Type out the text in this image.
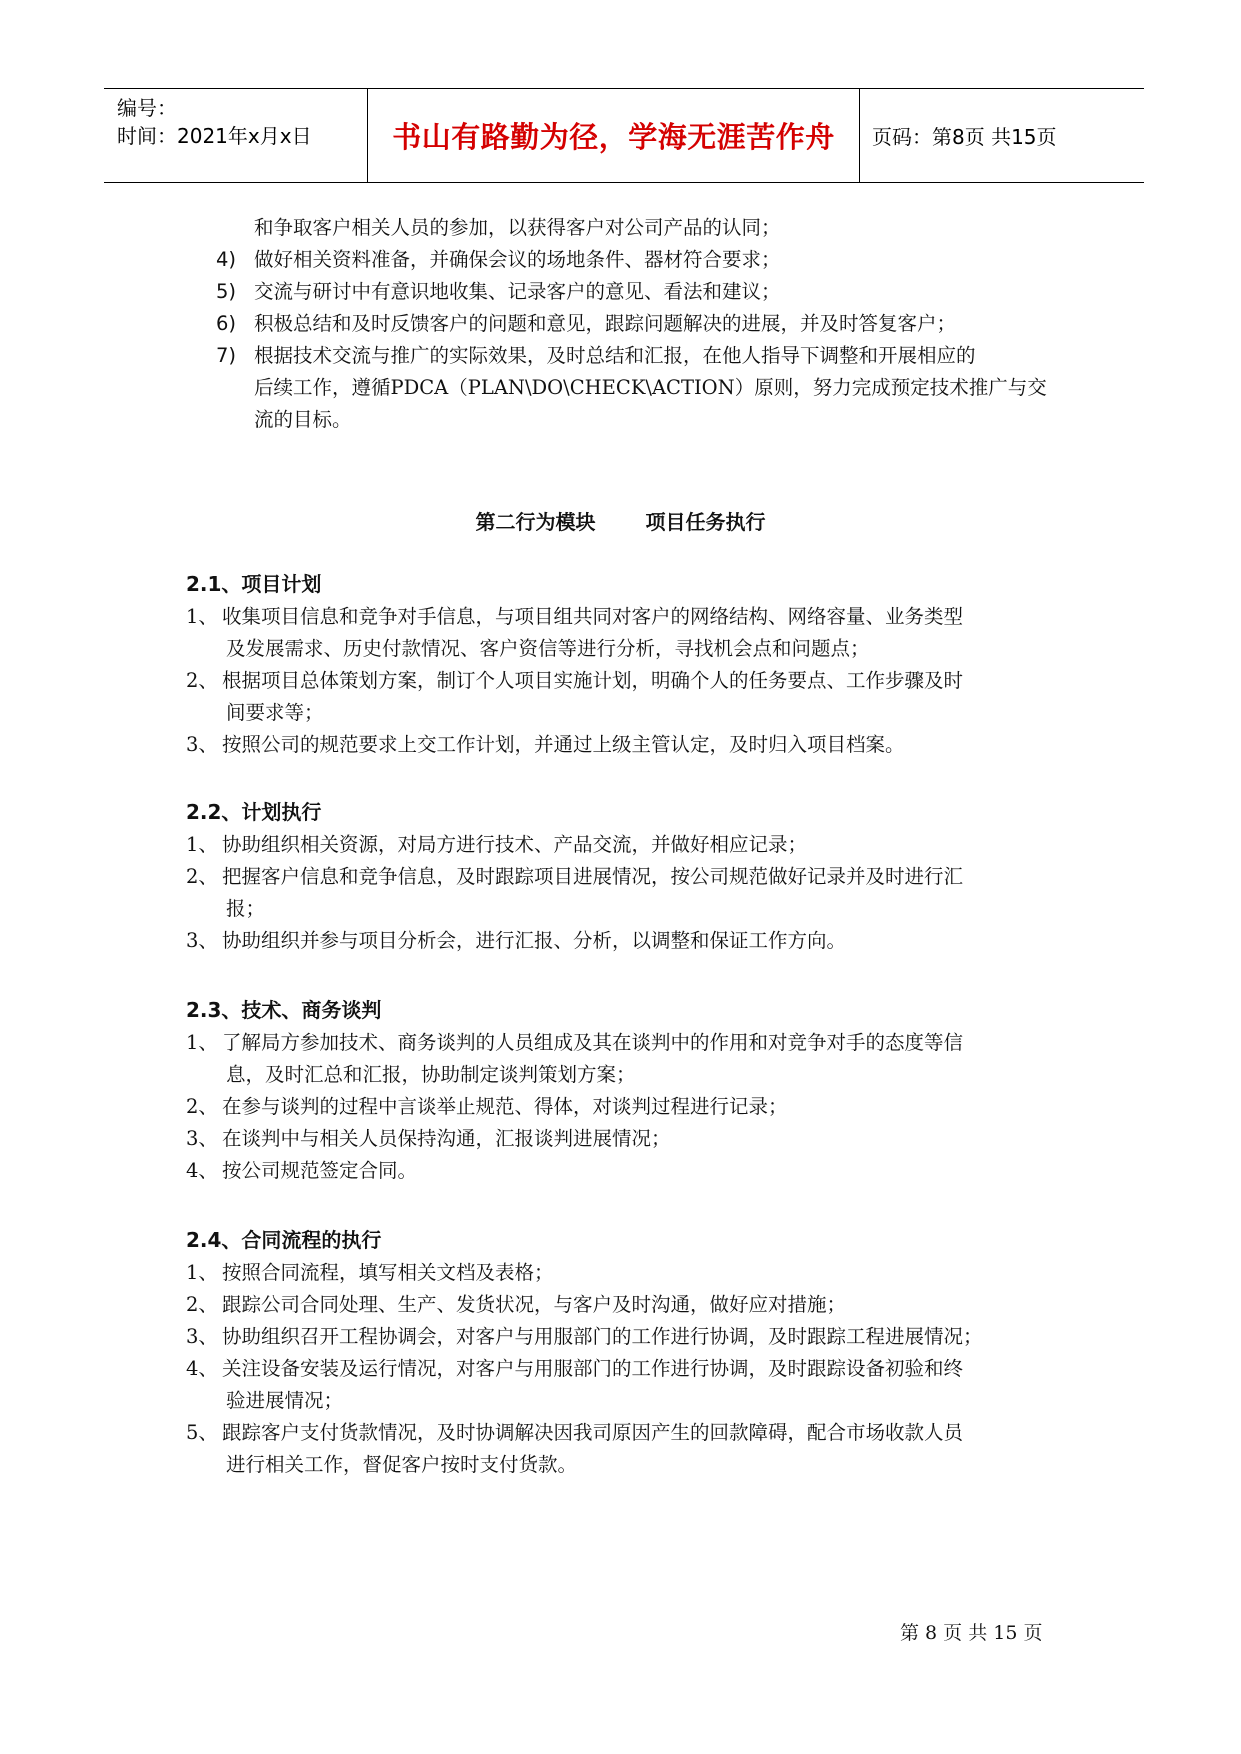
编号：
时间：2021年x月x日	书山有路勤为径，学海无涯苦作舟	页码：第8页 共15页
和争取客户相关人员的参加，以获得客户对公司产品的认同；
4) 做好相关资料准备，并确保会议的场地条件、器材符合要求；
5) 交流与研讨中有意识地收集、记录客户的意见、看法和建议；
6) 积极总结和及时反馈客户的问题和意见，跟踪问题解决的进展，并及时答复客户；
7) 根据技术交流与推广的实际效果，及时总结和汇报，在他人指导下调整和开展相应的
后续工作，遵循PDCA（PLAN\DO\CHECK\ACTION）原则，努力完成预定技术推广与交
流的目标。
第二行为模块 项目任务执行
2.1、项目计划
1、 收集项目信息和竞争对手信息，与项目组共同对客户的网络结构、网络容量、业务类型
及发展需求、历史付款情况、客户资信等进行分析，寻找机会点和问题点；
2、 根据项目总体策划方案，制订个人项目实施计划，明确个人的任务要点、工作步骤及时
间要求等；
3、 按照公司的规范要求上交工作计划，并通过上级主管认定，及时归入项目档案。
2.2、计划执行
1、 协助组织相关资源，对局方进行技术、产品交流，并做好相应记录；
2、 把握客户信息和竞争信息，及时跟踪项目进展情况，按公司规范做好记录并及时进行汇
报；
3、 协助组织并参与项目分析会，进行汇报、分析，以调整和保证工作方向。
2.3、技术、商务谈判
1、 了解局方参加技术、商务谈判的人员组成及其在谈判中的作用和对竞争对手的态度等信
息，及时汇总和汇报，协助制定谈判策划方案；
2、 在参与谈判的过程中言谈举止规范、得体，对谈判过程进行记录；
3、 在谈判中与相关人员保持沟通，汇报谈判进展情况；
4、 按公司规范签定合同。
2.4、合同流程的执行
1、 按照合同流程，填写相关文档及表格；
2、 跟踪公司合同处理、生产、发货状况，与客户及时沟通，做好应对措施；
3、 协助组织召开工程协调会，对客户与用服部门的工作进行协调，及时跟踪工程进展情况；
4、 关注设备安装及运行情况，对客户与用服部门的工作进行协调，及时跟踪设备初验和终
验进展情况；
5、 跟踪客户支付货款情况，及时协调解决因我司原因产生的回款障碍，配合市场收款人员
进行相关工作，督促客户按时支付货款。
第 8 页 共 15 页
